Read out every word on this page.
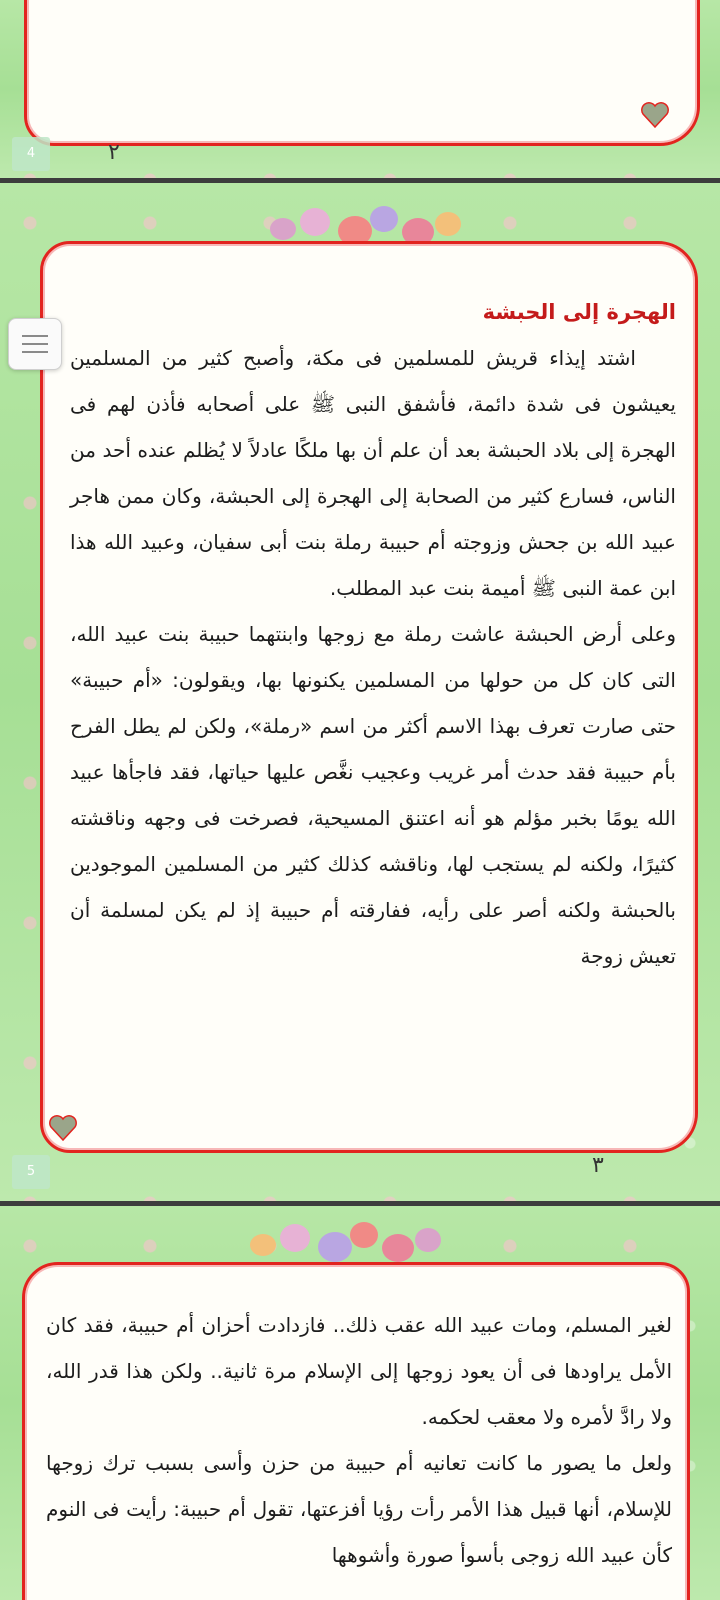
٢
4

الهجرة إلى الحبشة

اشتد إيذاء قريش للمسلمين فى مكة، وأصبح كثير من المسلمين يعيشون فى شدة دائمة، فأشفق النبى ﷺ على أصحابه فأذن لهم فى الهجرة إلى بلاد الحبشة بعد أن علم أن بها ملكًا عادلاً لا يُظلم عنده أحد من الناس، فسارع كثير من الصحابة إلى الهجرة إلى الحبشة، وكان ممن هاجر عبيد الله بن جحش وزوجته أم حبيبة رملة بنت أبى سفيان، وعبيد الله هذا ابن عمة النبى ﷺ أميمة بنت عبد المطلب.

وعلى أرض الحبشة عاشت رملة مع زوجها وابنتهما حبيبة بنت عبيد الله، التى كان كل من حولها من المسلمين يكنونها بها، ويقولون: «أم حبيبة» حتى صارت تعرف بهذا الاسم أكثر من اسم «رملة»، ولكن لم يطل الفرح بأم حبيبة فقد حدث أمر غريب وعجيب نغَّص عليها حياتها، فقد فاجأها عبيد الله يومًا بخبر مؤلم هو أنه اعتنق المسيحية، فصرخت فى وجهه وناقشته كثيرًا، ولكنه لم يستجب لها، وناقشه كذلك كثير من المسلمين الموجودين بالحبشة ولكنه أصر على رأيه، ففارقته أم حبيبة إذ لم يكن لمسلمة أن تعيش زوجة

٣
5

لغير المسلم، ومات عبيد الله عقب ذلك.. فازدادت أحزان أم حبيبة، فقد كان الأمل يراودها فى أن يعود زوجها إلى الإسلام مرة ثانية.. ولكن هذا قدر الله، ولا رادَّ لأمره ولا معقب لحكمه.

ولعل ما يصور ما كانت تعانيه أم حبيبة من حزن وأسى بسبب ترك زوجها للإسلام، أنها قبيل هذا الأمر رأت رؤيا أفزعتها، تقول أم حبيبة: رأيت فى النوم كأن عبيد الله زوجى بأسوأ صورة وأشوهها
